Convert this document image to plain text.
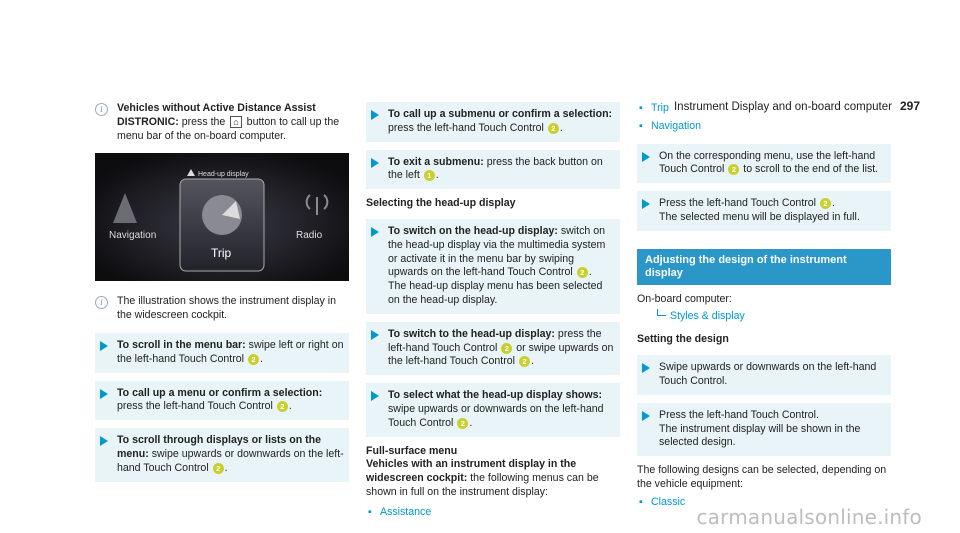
Instrument Display and on-board computer 297
i	Vehicles without Active Distance Assist DISTRONIC: press the ⌂ button to call up the menu bar of the on-board computer.
Head-up display
Navigation
Trip
Radio
i	The illustration shows the instrument display in the widescreen cockpit.
To scroll in the menu bar: swipe left or right on the left-hand Touch Control 2 .
To call up a menu or confirm a selection: press the left-hand Touch Control 2 .
To scroll through displays or lists on the menu: swipe upwards or downwards on the left-hand Touch Control 2 .
To call up a submenu or confirm a selection: press the left-hand Touch Control 2 .
To exit a submenu: press the back button on the left 1 .

Selecting the head-up display

To switch on the head-up display: switch on the head-up display via the multimedia system or activate it in the menu bar by swiping upwards on the left-hand Touch Control 2 .
The head-up display menu has been selected on the head-up display.
To switch to the head-up display: press the left-hand Touch Control 2 or swipe upwards on the left-hand Touch Control 2 .
To select what the head-up display shows: swipe upwards or downwards on the left-hand Touch Control 2 .

Full-surface menu

Vehicles with an instrument display in the widescreen cockpit: the following menus can be shown in full on the instrument display:

▪ Assistance
▪ Trip
▪ Navigation
On the corresponding menu, use the left-hand Touch Control 2 to scroll to the end of the list.
Press the left-hand Touch Control 2 .
The selected menu will be displayed in full.
Adjusting the design of the instrument display

On-board computer:

Styles & display

Setting the design

Swipe upwards or downwards on the left-hand Touch Control.
Press the left-hand Touch Control.
The instrument display will be shown in the selected design.

The following designs can be selected, depending on the vehicle equipment:

▪ Classic
carmanualsonline.info
